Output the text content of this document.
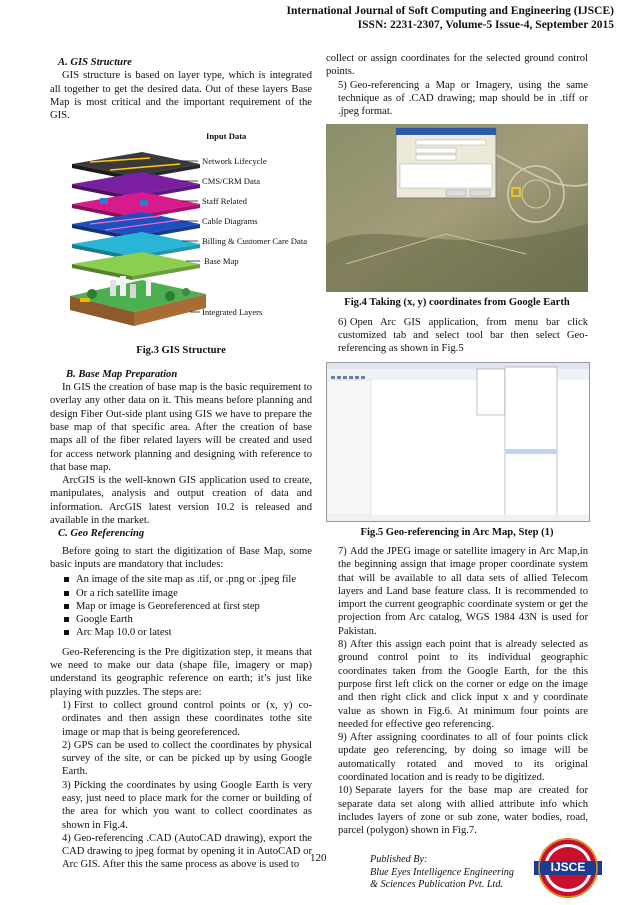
International Journal of Soft Computing and Engineering (IJSCE)
ISSN: 2231-2307, Volume-5 Issue-4, September 2015

A. GIS Structure

GIS structure is based on layer type, which is integrated all together to get the desired data. Out of these layers Base Map is most critical and the important requirement of the GIS.

Input Data
Network Lifecycle
CMS/CRM Data
Staff Related
Cable Diagrams
Billing & Customer Care Data
Base Map
Integrated Layers

Fig.3 GIS Structure

B. Base Map Preparation

In GIS the creation of base map is the basic requirement to overlay any other data on it. This means before planning and design Fiber Out-side plant using GIS we have to prepare the base map of that specific area. After the creation of base maps all of the fiber related layers will be created and used for access network planning and designing with reference to that base map.

ArcGIS is the well-known GIS application used to create, manipulates, analysis and output creation of data and information. ArcGIS latest version 10.2 is released and available in the market.

C. Geo Referencing

Before going to start the digitization of Base Map, some basic inputs are mandatory that includes:

An image of the site map as .tif, or .png or .jpeg file
Or a rich satellite image
Map or image is Georeferenced at first step
Google Earth
Arc Map 10.0 or latest

Geo-Referencing is the Pre digitization step, it means that we need to make our data (shape file, imagery or map) understand its geographic reference on earth; it’s just like playing with puzzles. The steps are:

1) First to collect ground control points or (x, y) co-ordinates and then assign these coordinates tothe site image or map that is being georeferenced.

2) GPS can be used to collect the coordinates by physical survey of the site, or can be picked up by using Google Earth.

3) Picking the coordinates by using Google Earth is very easy, just need to place mark for the corner or building of the area for which you want to collect coordinates as shown in Fig.4.

4) Geo-referencing .CAD (AutoCAD drawing), export the CAD drawing to jpeg format by opening it in AutoCAD or Arc GIS. After this the same process as above is used to

collect or assign coordinates for the selected ground control points.

5) Geo-referencing a Map or Imagery, using the same technique as of .CAD drawing; map should be in .tiff or .jpeg format.

Fig.4 Taking (x, y) coordinates from Google Earth

6) Open Arc GIS application, from menu bar click customized tab and select tool bar then select Geo-referencing as shown in Fig.5

Fig.5 Geo-referencing in Arc Map, Step (1)

7) Add the JPEG image or satellite imagery in Arc Map,in the beginning assign that image proper coordinate system that will be available to all data sets of allied Telecom layers and Land base feature class. It is recommended to import the current geographic coordinate system or get the projection from Arc catalog, WGS 1984 43N is used for Pakistan.

8) After this assign each point that is already selected as ground control point to its individual geographic coordinates taken from the Google Earth, for the this purpose first left click on the corner or edge on the image and then right click and click input x and y coordinate value as shown in Fig.6. At minimum four points are needed for effective geo referencing.

9) After assigning coordinates to all of four points click update geo referencing, by doing so image will be automatically rotated and moved to its original coordinated location and is ready to be digitized.

10) Separate layers for the base map are created for separate data set along with allied attribute info which includes layers of zone or sub zone, water bodies, road, parcel (polygon) shown in Fig.7.

120	Published By:
Blue Eyes Intelligence Engineering
& Sciences Publication Pvt. Ltd.
IJSCE
